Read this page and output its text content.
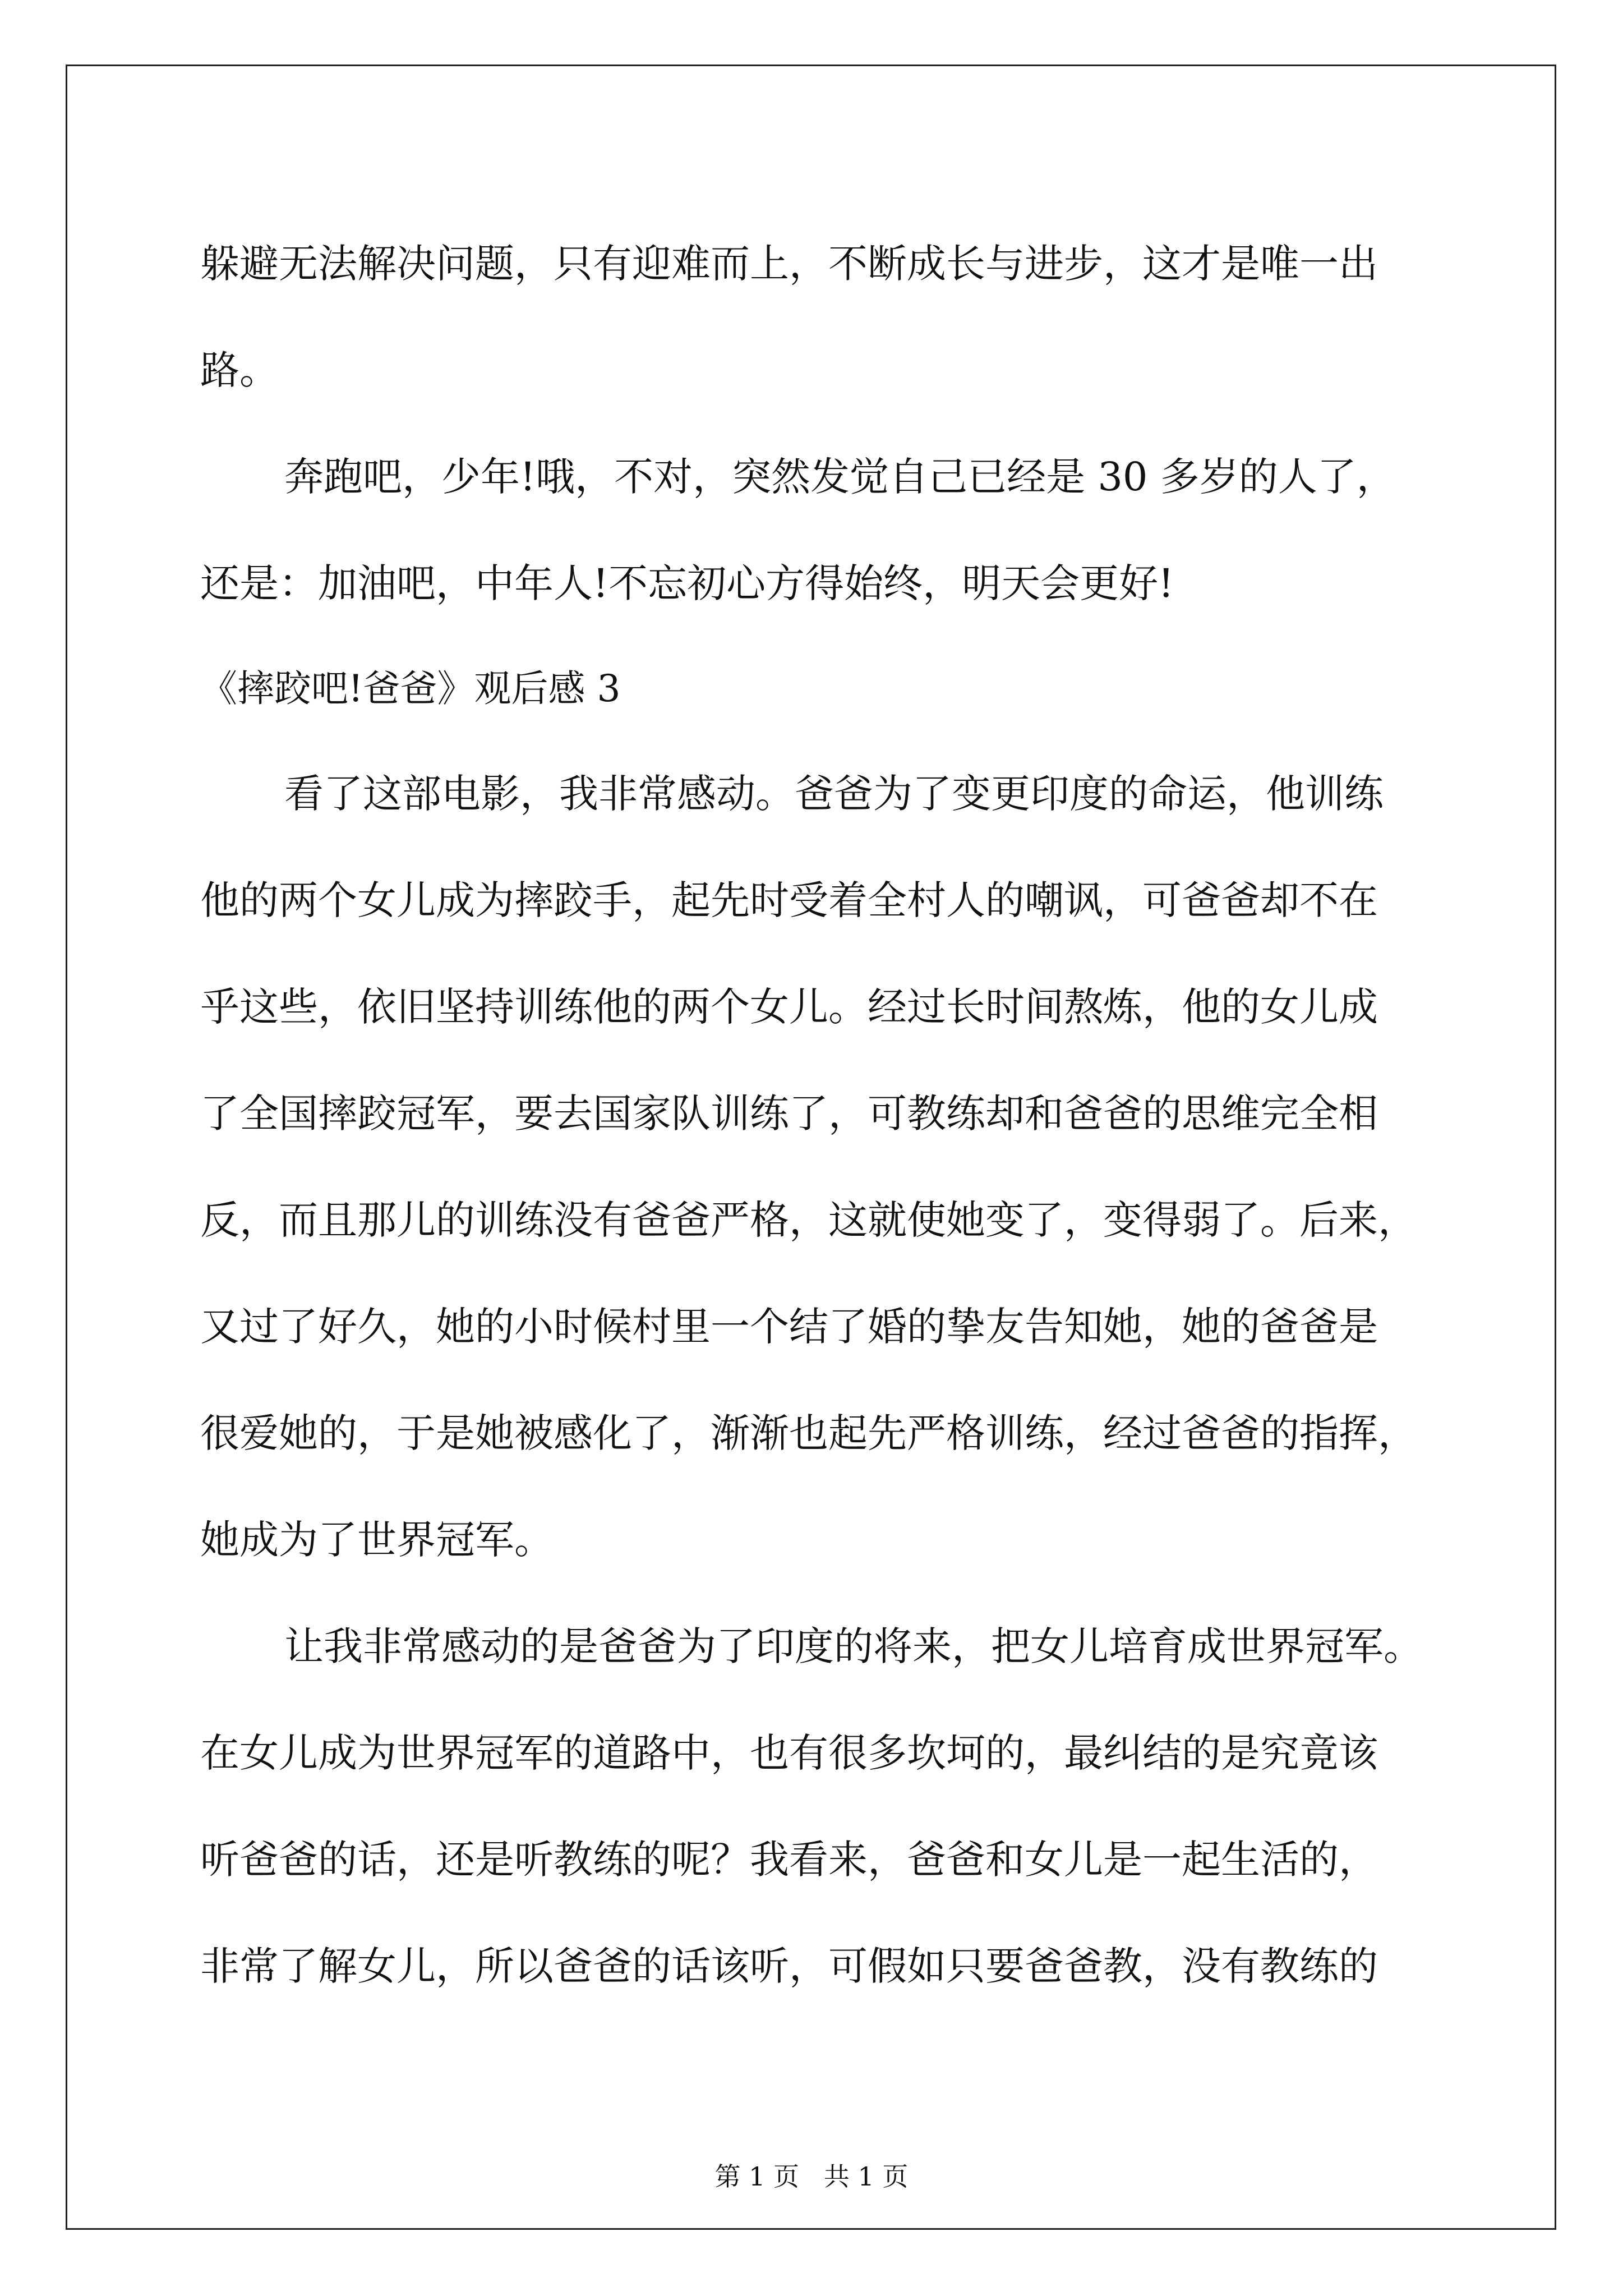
躲避无法解决问题，只有迎难而上，不断成长与进步，这才是唯一出
路。
奔跑吧，少年!哦，不对，突然发觉自己已经是 30 多岁的人了，
还是：加油吧，中年人!不忘初心方得始终，明天会更好!
《摔跤吧!爸爸》观后感 3
看了这部电影，我非常感动。爸爸为了变更印度的命运，他训练
他的两个女儿成为摔跤手，起先时受着全村人的嘲讽，可爸爸却不在
乎这些，依旧坚持训练他的两个女儿。经过长时间熬炼，他的女儿成
了全国摔跤冠军，要去国家队训练了，可教练却和爸爸的思维完全相
反，而且那儿的训练没有爸爸严格，这就使她变了，变得弱了。后来，
又过了好久，她的小时候村里一个结了婚的挚友告知她，她的爸爸是
很爱她的，于是她被感化了，渐渐也起先严格训练，经过爸爸的指挥，
她成为了世界冠军。
让我非常感动的是爸爸为了印度的将来，把女儿培育成世界冠军。
在女儿成为世界冠军的道路中，也有很多坎坷的，最纠结的是究竟该
听爸爸的话，还是听教练的呢？我看来，爸爸和女儿是一起生活的，
非常了解女儿，所以爸爸的话该听，可假如只要爸爸教，没有教练的
第 1 页   共 1 页
